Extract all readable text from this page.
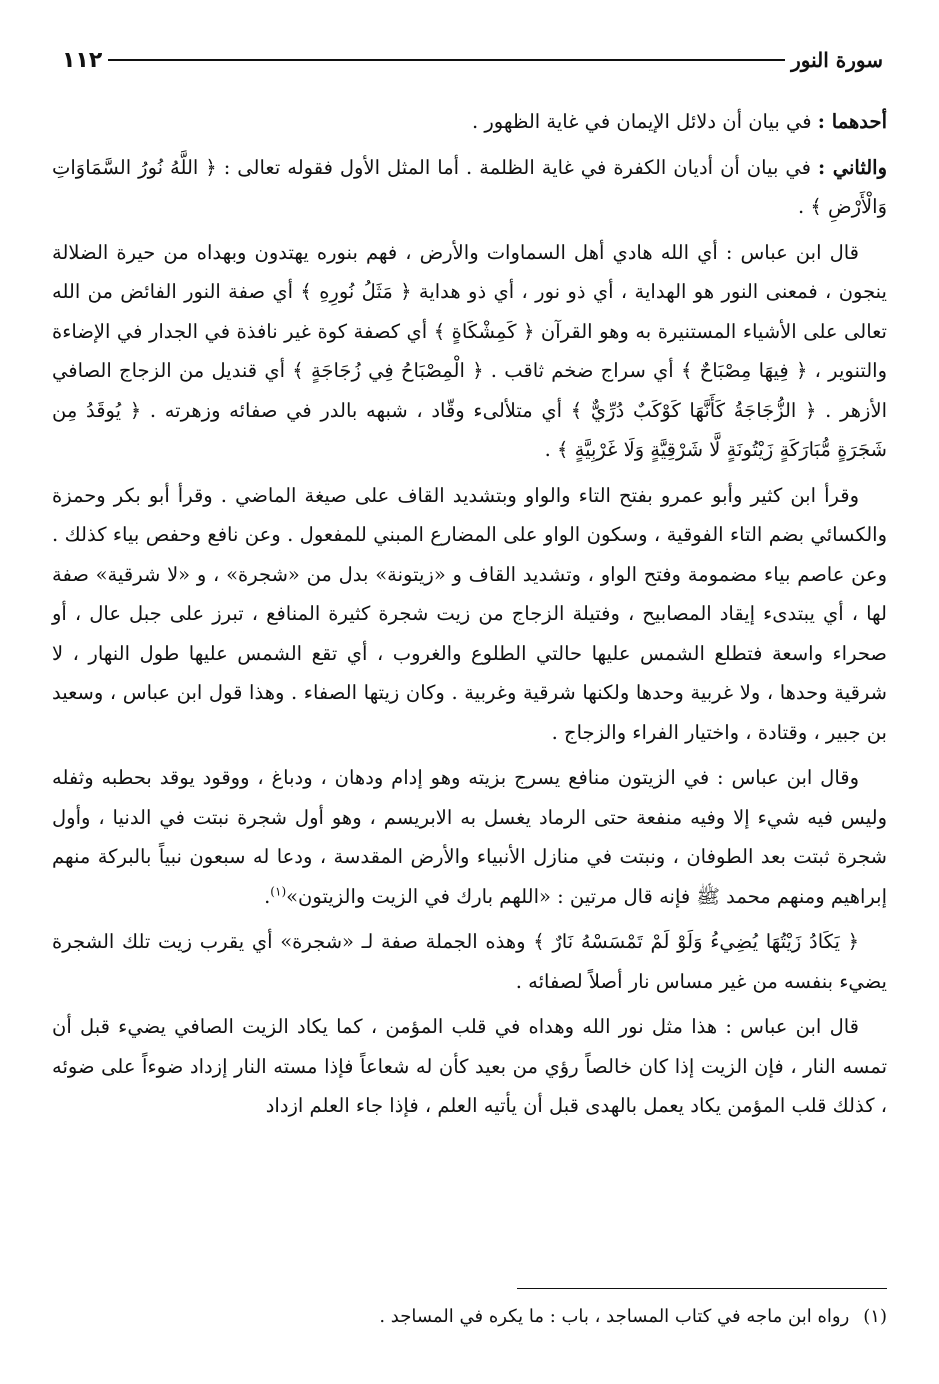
سورة النور
١١٢

أحدهما : في بيان أن دلائل الإيمان في غاية الظهور .

والثاني : في بيان أن أديان الكفرة في غاية الظلمة . أما المثل الأول فقوله تعالى : ﴿ اللَّهُ نُورُ السَّمَاوَاتِ وَالْأَرْضِ ﴾ .

قال ابن عباس : أي الله هادي أهل السماوات والأرض ، فهم بنوره يهتدون وبهداه من حيرة الضلالة ينجون ، فمعنى النور هو الهداية ، أي ذو نور ، أي ذو هداية ﴿ مَثَلُ نُورِهِ ﴾ أي صفة النور الفائض من الله تعالى على الأشياء المستنيرة به وهو القرآن ﴿ كَمِشْكَاةٍ ﴾ أي كصفة كوة غير نافذة في الجدار في الإضاءة والتنوير ، ﴿ فِيهَا مِصْبَاحٌ ﴾ أي سراج ضخم ثاقب . ﴿ الْمِصْبَاحُ فِي زُجَاجَةٍ ﴾ أي قنديل من الزجاج الصافي الأزهر . ﴿ الزُّجَاجَةُ كَأَنَّهَا كَوْكَبٌ دُرِّيٌّ ﴾ أي متلألىء وقّاد ، شبهه بالدر في صفائه وزهرته . ﴿ يُوقَدُ مِن شَجَرَةٍ مُّبَارَكَةٍ زَيْتُونَةٍ لَّا شَرْقِيَّةٍ وَلَا غَرْبِيَّةٍ ﴾ .

وقرأ ابن كثير وأبو عمرو بفتح التاء والواو وبتشديد القاف على صيغة الماضي . وقرأ أبو بكر وحمزة والكسائي بضم التاء الفوقية ، وسكون الواو على المضارع المبني للمفعول . وعن نافع وحفص بياء كذلك . وعن عاصم بياء مضمومة وفتح الواو ، وتشديد القاف و «زيتونة» بدل من «شجرة» ، و «لا شرقية» صفة لها ، أي يبتدىء إيقاد المصابيح ، وفتيلة الزجاج من زيت شجرة كثيرة المنافع ، تبرز على جبل عال ، أو صحراء واسعة فتطلع الشمس عليها حالتي الطلوع والغروب ، أي تقع الشمس عليها طول النهار ، لا شرقية وحدها ، ولا غربية وحدها ولكنها شرقية وغربية . وكان زيتها الصفاء . وهذا قول ابن عباس ، وسعيد بن جبير ، وقتادة ، واختيار الفراء والزجاج .

وقال ابن عباس : في الزيتون منافع يسرج بزيته وهو إدام ودهان ، ودباغ ، ووقود يوقد بحطبه وثفله وليس فيه شيء إلا وفيه منفعة حتى الرماد يغسل به الابريسم ، وهو أول شجرة نبتت في الدنيا ، وأول شجرة ثبتت بعد الطوفان ، ونبتت في منازل الأنبياء والأرض المقدسة ، ودعا له سبعون نبياً بالبركة منهم إبراهيم ومنهم محمد ﷺ فإنه قال مرتين : «اللهم بارك في الزيت والزيتون»$^{(١)}$.

﴿ يَكَادُ زَيْتُهَا يُضِيءُ وَلَوْ لَمْ تَمْسَسْهُ نَارٌ ﴾ وهذه الجملة صفة لـ «شجرة» أي يقرب زيت تلك الشجرة يضيء بنفسه من غير مساس نار أصلاً لصفائه .

قال ابن عباس : هذا مثل نور الله وهداه في قلب المؤمن ، كما يكاد الزيت الصافي يضيء قبل أن تمسه النار ، فإن الزيت إذا كان خالصاً رؤي من بعيد كأن له شعاعاً فإذا مسته النار إزداد ضوءاً على ضوئه ، كذلك قلب المؤمن يكاد يعمل بالهدى قبل أن يأتيه العلم ، فإذا جاء العلم ازداد

(١)رواه ابن ماجه في كتاب المساجد ، باب : ما يكره في المساجد .
